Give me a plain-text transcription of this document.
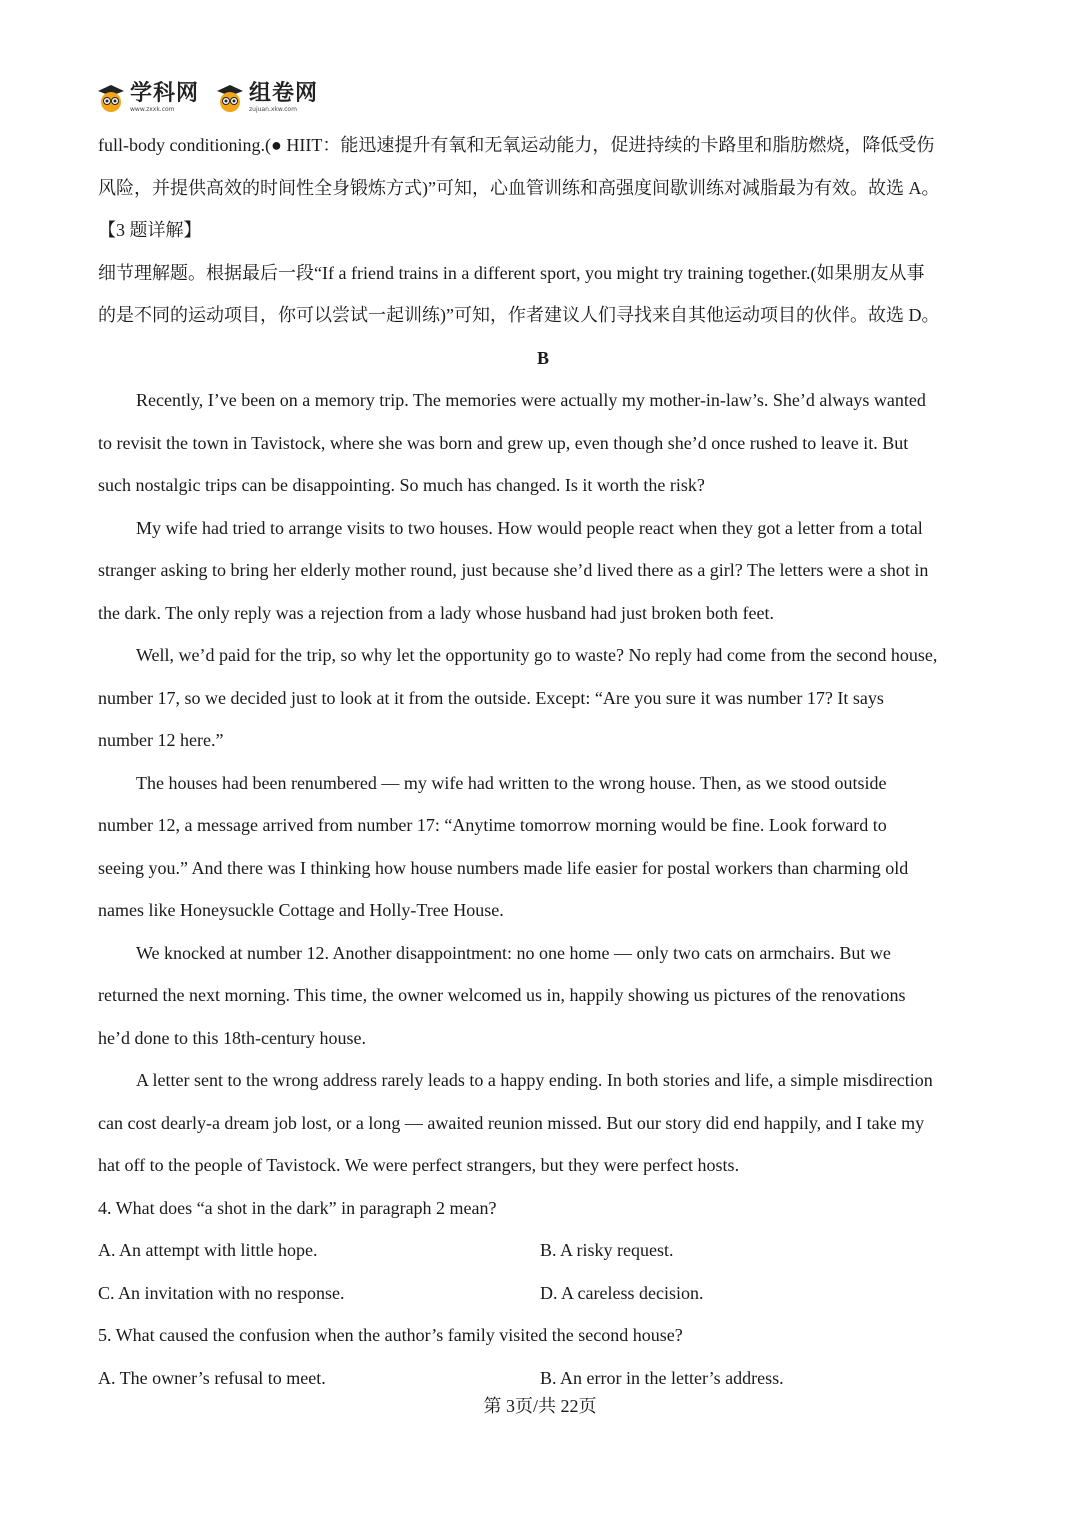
学科网
www.zxxk.com
组卷网
zujuan.xkw.com

full-body conditioning.(● HIIT：能迅速提升有氧和无氧运动能力，促进持续的卡路里和脂肪燃烧，降低受伤

风险，并提供高效的时间性全身锻炼方式)”可知，心血管训练和高强度间歇训练对减脂最为有效。故选 A。

【3 题详解】

细节理解题。根据最后一段“If a friend trains in a different sport, you might try training together.(如果朋友从事

的是不同的运动项目，你可以尝试一起训练)”可知，作者建议人们寻找来自其他运动项目的伙伴。故选 D。

B

Recently, I’ve been on a memory trip. The memories were actually my mother-in-law’s. She’d always wanted

to revisit the town in Tavistock, where she was born and grew up, even though she’d once rushed to leave it. But

such nostalgic trips can be disappointing. So much has changed. Is it worth the risk?

My wife had tried to arrange visits to two houses. How would people react when they got a letter from a total

stranger asking to bring her elderly mother round, just because she’d lived there as a girl? The letters were a shot in

the dark. The only reply was a rejection from a lady whose husband had just broken both feet.

Well, we’d paid for the trip, so why let the opportunity go to waste? No reply had come from the second house,

number 17, so we decided just to look at it from the outside. Except: “Are you sure it was number 17? It says

number 12 here.”

The houses had been renumbered — my wife had written to the wrong house. Then, as we stood outside

number 12, a message arrived from number 17: “Anytime tomorrow morning would be fine. Look forward to

seeing you.” And there was I thinking how house numbers made life easier for postal workers than charming old

names like Honeysuckle Cottage and Holly-Tree House.

We knocked at number 12. Another disappointment: no one home — only two cats on armchairs. But we

returned the next morning. This time, the owner welcomed us in, happily showing us pictures of the renovations

he’d done to this 18th-century house.

A letter sent to the wrong address rarely leads to a happy ending. In both stories and life, a simple misdirection

can cost dearly-a dream job lost, or a long — awaited reunion missed. But our story did end happily, and I take my

hat off to the people of Tavistock. We were perfect strangers, but they were perfect hosts.

4. What does “a shot in the dark” in paragraph 2 mean?

A. An attempt with little hope.	B. A risky request.
C. An invitation with no response.	D. A careless decision.

5. What caused the confusion when the author’s family visited the second house?

A. The owner’s refusal to meet.	B. An error in the letter’s address.
第 3页/共 22页
